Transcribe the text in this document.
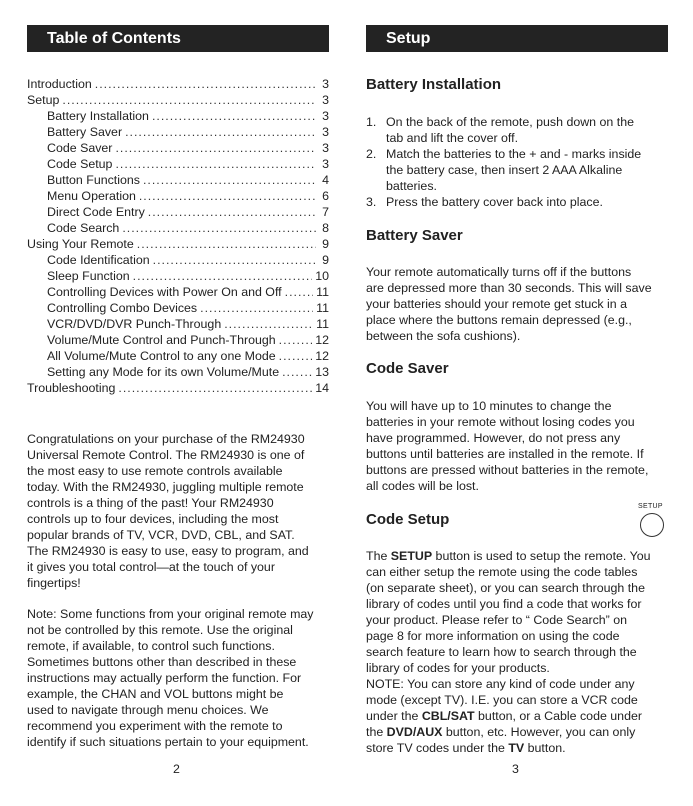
Table of Contents
Introduction .....	3
Setup .....	3
Battery Installation .....	3
Battery Saver .....	3
Code Saver .....	3
Code Setup .....	3
Button Functions .....	4
Menu Operation .....	6
Direct Code Entry .....	7
Code Search .....	8
Using Your Remote .....	9
Code Identification .....	9
Sleep Function .....	10
Controlling Devices with Power On and Off .....	11
Controlling Combo Devices .....	11
VCR/DVD/DVR Punch-Through .....	11
Volume/Mute Control and Punch-Through .....	12
All Volume/Mute Control to any one Mode .....	12
Setting any Mode for its own Volume/Mute .....	13
Troubleshooting .....	14
Congratulations on your purchase of the RM24930
Universal Remote Control. The RM24930 is one of
the most easy to use remote controls available
today. With the RM24930, juggling multiple remote
controls is a thing of the past! Your RM24930
controls up to four devices, including the most
popular brands of TV, VCR, DVD, CBL, and SAT.
The RM24930 is easy to use, easy to program, and
it gives you total control—at the touch of your
fingertips!
Note: Some functions from your original remote may
not be controlled by this remote. Use the original
remote, if available, to control such functions.
Sometimes buttons other than described in these
instructions may actually perform the function. For
example, the CHAN and VOL buttons might be
used to navigate through menu choices. We
recommend you experiment with the remote to
identify if such situations pertain to your equipment.
2
Setup
Battery Installation
1. On the back of the remote, push down on the
tab and lift the cover off.
2. Match the batteries to the + and - marks inside
the battery case, then insert 2 AAA Alkaline
batteries.
3. Press the battery cover back into place.
Battery Saver
Your remote automatically turns off if the buttons
are depressed more than 30 seconds. This will save
your batteries should your remote get stuck in a
place where the buttons remain depressed (e.g.,
between the sofa cushions).
Code Saver
You will have up to 10 minutes to change the
batteries in your remote without losing codes you
have programmed. However, do not press any
buttons until batteries are installed in the remote. If
buttons are pressed without batteries in the remote,
all codes will be lost.
Code Setup
SETUP
The SETUP button is used to setup the remote. You
can either setup the remote using the code tables
(on separate sheet), or you can search through the
library of codes until you find a code that works for
your product. Please refer to “ Code Search” on
page 8 for more information on using the code
search feature to learn how to search through the
library of codes for your products.
NOTE: You can store any kind of code under any
mode (except TV). I.E. you can store a VCR code
under the CBL/SAT button, or a Cable code under
the DVD/AUX button, etc. However, you can only
store TV codes under the TV button.
3
